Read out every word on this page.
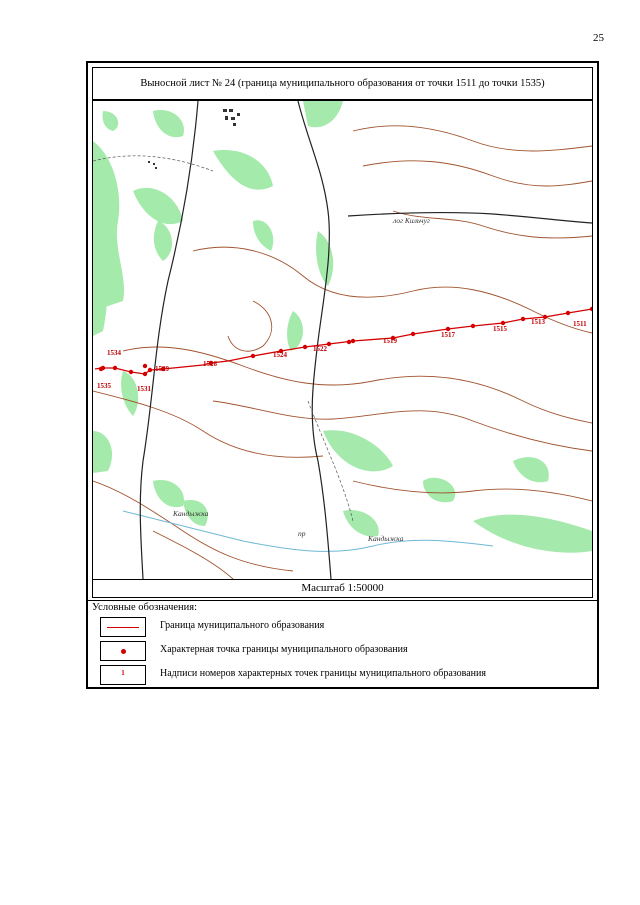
25
Выносной лист № 24 (граница муниципального образования от точки 1511 до точки 1535)
лог Кильчуг
Кандыжка
Кандыжка
пр
1511
1513
1515
1517
1519
1522
1524
1526
1529
1531
1534
1535
Масштаб 1:50000
Условные обозначения:
Граница муниципального образования
Характерная точка границы муниципального образования
1	Надписи номеров характерных точек границы муниципального образования
